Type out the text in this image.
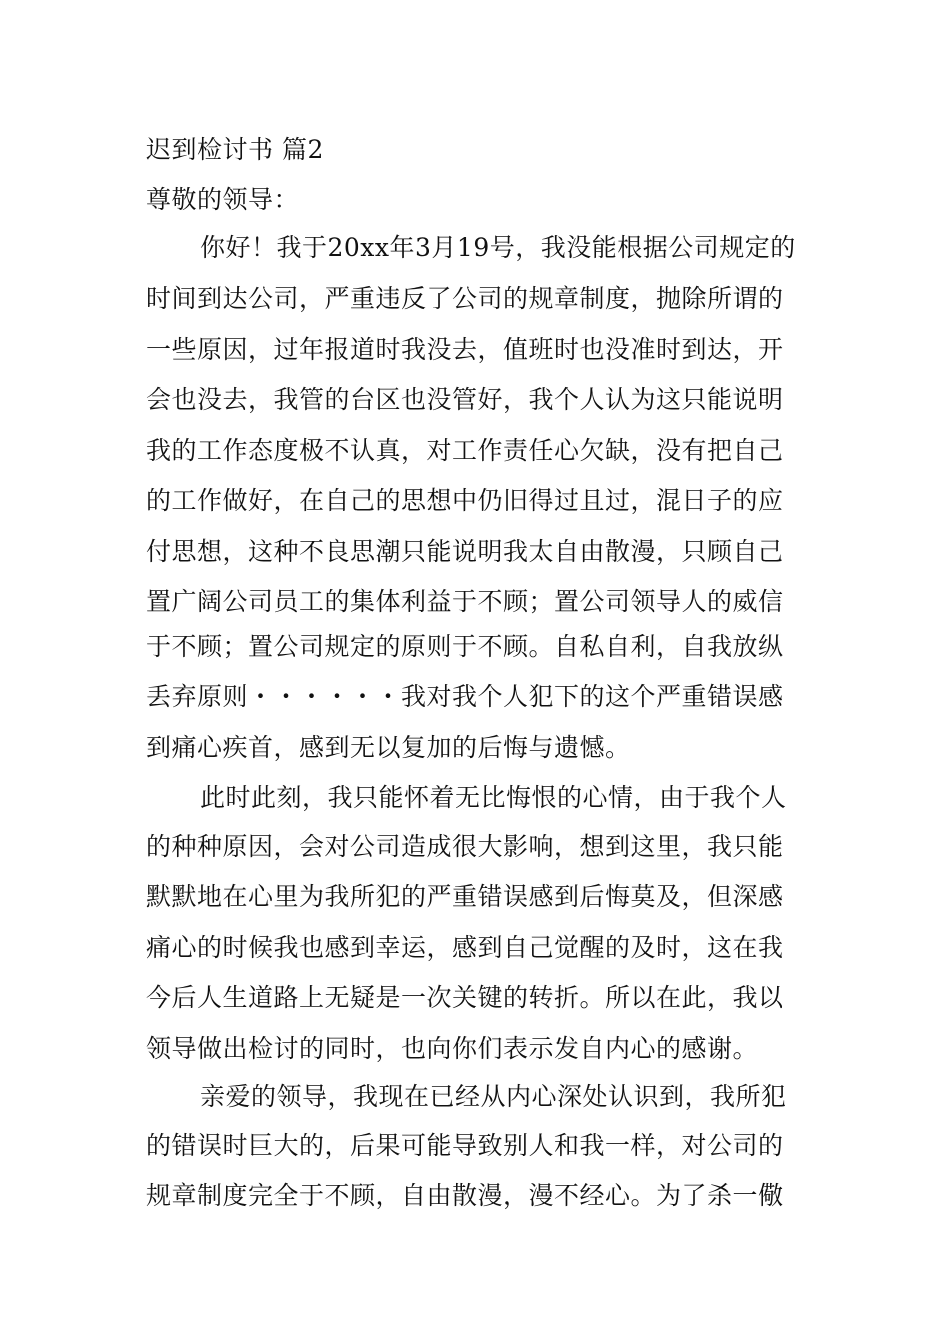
迟到检讨书 篇2
尊敬的领导：
你好！我于20xx年3月19号，我没能根据公司规定的
时间到达公司，严重违反了公司的规章制度，抛除所谓的
一些原因，过年报道时我没去，值班时也没准时到达，开
会也没去，我管的台区也没管好，我个人认为这只能说明
我的工作态度极不认真，对工作责任心欠缺，没有把自己
的工作做好，在自己的思想中仍旧得过且过，混日子的应
付思想，这种不良思潮只能说明我太自由散漫，只顾自己
置广阔公司员工的集体利益于不顾；置公司领导人的威信
于不顾；置公司规定的原则于不顾。自私自利，自我放纵
丢弃原则・・・・・・我对我个人犯下的这个严重错误感
到痛心疾首，感到无以复加的后悔与遗憾。
此时此刻，我只能怀着无比悔恨的心情，由于我个人
的种种原因，会对公司造成很大影响，想到这里，我只能
默默地在心里为我所犯的严重错误感到后悔莫及，但深感
痛心的时候我也感到幸运，感到自己觉醒的及时，这在我
今后人生道路上无疑是一次关键的转折。所以在此，我以
领导做出检讨的同时，也向你们表示发自内心的感谢。
亲爱的领导，我现在已经从内心深处认识到，我所犯
的错误时巨大的，后果可能导致别人和我一样，对公司的
规章制度完全于不顾，自由散漫，漫不经心。为了杀一儆
